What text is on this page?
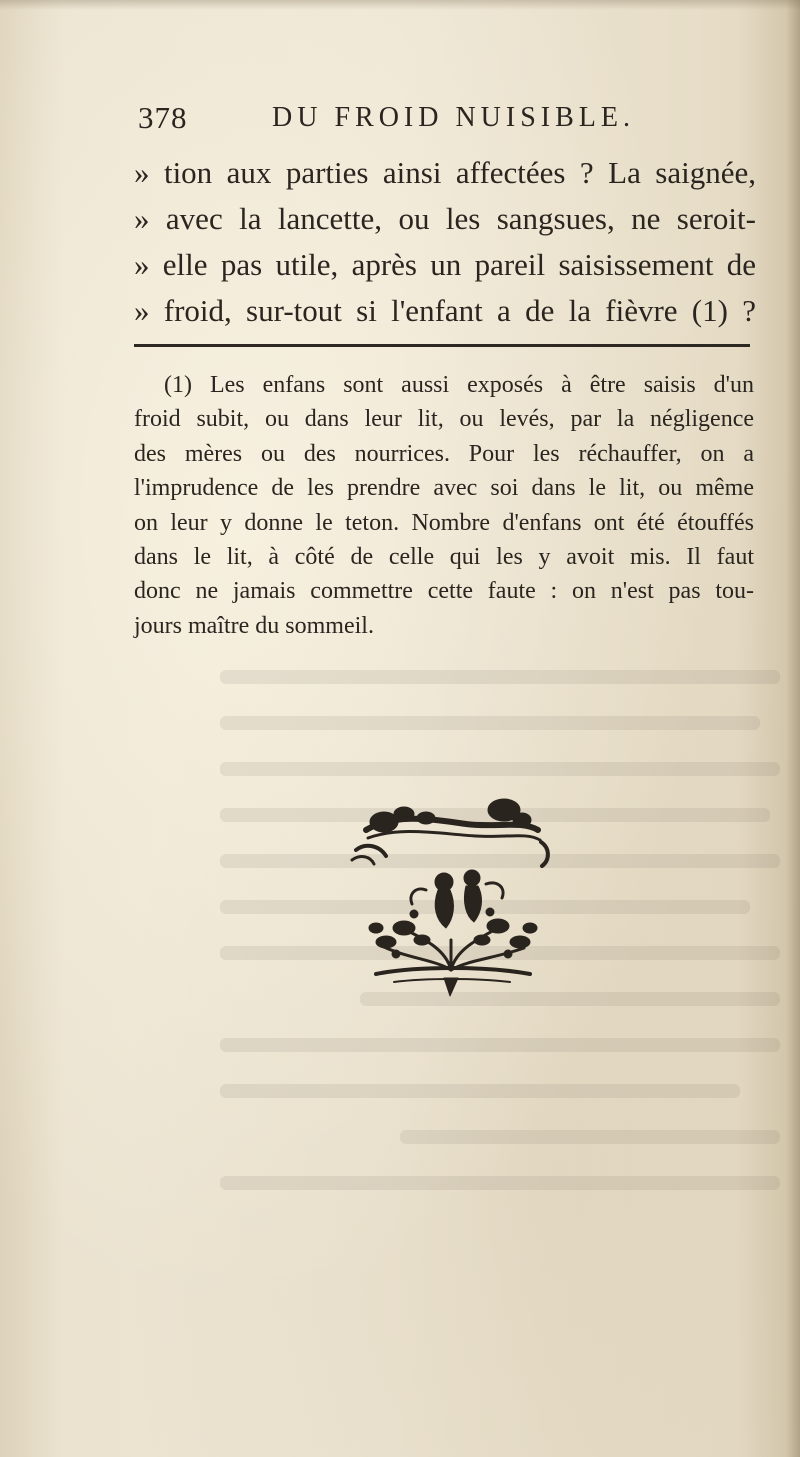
378	DU FROID NUISIBLE.
» tion aux parties ainsi affectées ? La saignée,
» avec la lancette, ou les sangsues, ne seroit-
» elle pas utile, après un pareil saisissement de
» froid, sur-tout si l'enfant a de la fièvre (1) ?
(1) Les enfans sont aussi exposés à être saisis d'un
froid subit, ou dans leur lit, ou levés, par la négligence
des mères ou des nourrices. Pour les réchauffer, on a
l'imprudence de les prendre avec soi dans le lit, ou même
on leur y donne le teton. Nombre d'enfans ont été étouffés
dans le lit, à côté de celle qui les y avoit mis. Il faut
donc ne jamais commettre cette faute : on n'est pas tou-
jours maître du sommeil.
